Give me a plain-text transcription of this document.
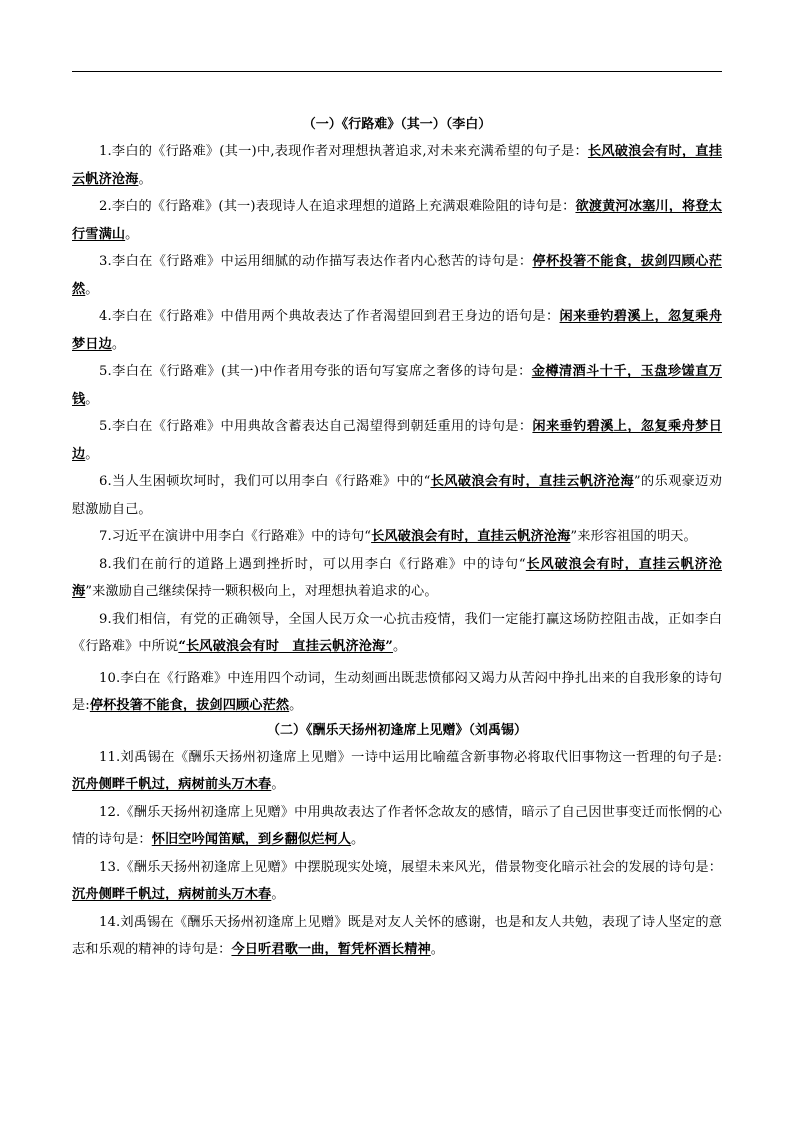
（一）《行路难》（其一）（李白）

1.李白的《行路难》(其一)中,表现作者对理想执著追求,对未来充满希望的句子是：长风破浪会有时，直挂云帆济沧海。

2.李白的《行路难》(其一)表现诗人在追求理想的道路上充满艰难险阻的诗句是：欲渡黄河冰塞川，将登太行雪满山。

3.李白在《行路难》中运用细腻的动作描写表达作者内心愁苦的诗句是：停杯投箸不能食，拔剑四顾心茫然。

4.李白在《行路难》中借用两个典故表达了作者渴望回到君王身边的语句是：闲来垂钓碧溪上，忽复乘舟梦日边。

5.李白在《行路难》(其一)中作者用夸张的语句写宴席之奢侈的诗句是：金樽清酒斗十千，玉盘珍馐直万钱。

5.李白在《行路难》中用典故含蓄表达自己渴望得到朝廷重用的诗句是：闲来垂钓碧溪上，忽复乘舟梦日边。

6.当人生困顿坎坷时，我们可以用李白《行路难》中的“长风破浪会有时，直挂云帆济沧海”的乐观豪迈劝慰激励自己。

7.习近平在演讲中用李白《行路难》中的诗句“长风破浪会有时，直挂云帆济沧海”来形容祖国的明天。

8.我们在前行的道路上遇到挫折时，可以用李白《行路难》中的诗句“长风破浪会有时，直挂云帆济沧海”来激励自己继续保持一颗积极向上，对理想执着追求的心。

9.我们相信，有党的正确领导，全国人民万众一心抗击疫情，我们一定能打赢这场防控阻击战，正如李白《行路难》中所说“长风破浪会有时　直挂云帆济沧海”。

10.李白在《行路难》中连用四个动词，生动刻画出既悲愤郁闷又竭力从苦闷中挣扎出来的自我形象的诗句是:停杯投箸不能食，拔剑四顾心茫然。

（二）《酬乐天扬州初逢席上见赠》（刘禹锡）

11.刘禹锡在《酬乐天扬州初逢席上见赠》一诗中运用比喻蕴含新事物必将取代旧事物这一哲理的句子是:沉舟侧畔千帆过，病树前头万木春。

12.《酬乐天扬州初逢席上见赠》中用典故表达了作者怀念故友的感情，暗示了自己因世事变迁而怅惘的心情的诗句是：怀旧空吟闻笛赋，到乡翻似烂柯人。

13.《酬乐天扬州初逢席上见赠》中摆脱现实处境，展望未来风光，借景物变化暗示社会的发展的诗句是：沉舟侧畔千帆过，病树前头万木春。

14.刘禹锡在《酬乐天扬州初逢席上见赠》既是对友人关怀的感谢，也是和友人共勉，表现了诗人坚定的意志和乐观的精神的诗句是：今日听君歌一曲，暂凭杯酒长精神。
